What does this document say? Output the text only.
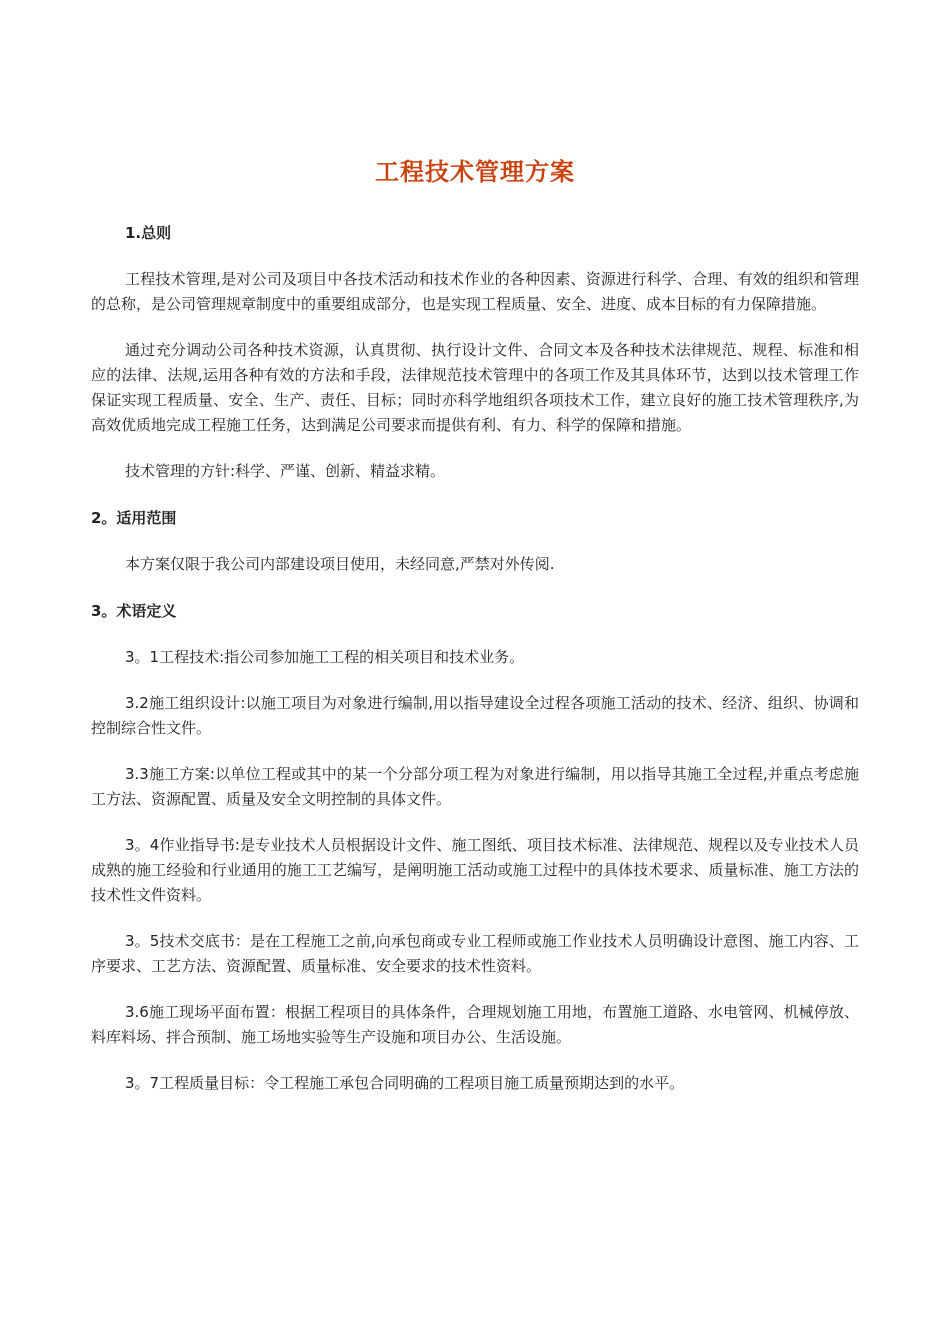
工程技术管理方案
1.总则

工程技术管理,是对公司及项目中各技术活动和技术作业的各种因素、资源进行科学、合理、有效的组织和管理的总称，是公司管理规章制度中的重要组成部分，也是实现工程质量、安全、进度、成本目标的有力保障措施。

通过充分调动公司各种技术资源，认真贯彻、执行设计文件、合同文本及各种技术法律规范、规程、标准和相应的法律、法规,运用各种有效的方法和手段，法律规范技术管理中的各项工作及其具体环节，达到以技术管理工作保证实现工程质量、安全、生产、责任、目标；同时亦科学地组织各项技术工作，建立良好的施工技术管理秩序,为高效优质地完成工程施工任务，达到满足公司要求而提供有利、有力、科学的保障和措施。

技术管理的方针:科学、严谨、创新、精益求精。

2。适用范围

本方案仅限于我公司内部建设项目使用，未经同意,严禁对外传阅.

3。术语定义

3。1工程技术:指公司参加施工工程的相关项目和技术业务。

3.2施工组织设计:以施工项目为对象进行编制,用以指导建设全过程各项施工活动的技术、经济、组织、协调和控制综合性文件。

3.3施工方案:以单位工程或其中的某一个分部分项工程为对象进行编制，用以指导其施工全过程,并重点考虑施工方法、资源配置、质量及安全文明控制的具体文件。

3。4作业指导书:是专业技术人员根据设计文件、施工图纸、项目技术标准、法律规范、规程以及专业技术人员成熟的施工经验和行业通用的施工工艺编写，是阐明施工活动或施工过程中的具体技术要求、质量标准、施工方法的技术性文件资料。

3。5技术交底书：是在工程施工之前,向承包商或专业工程师或施工作业技术人员明确设计意图、施工内容、工序要求、工艺方法、资源配置、质量标准、安全要求的技术性资料。

3.6施工现场平面布置：根据工程项目的具体条件，合理规划施工用地，布置施工道路、水电管网、机械停放、料库料场、拌合预制、施工场地实验等生产设施和项目办公、生活设施。

3。7工程质量目标：令工程施工承包合同明确的工程项目施工质量预期达到的水平。
